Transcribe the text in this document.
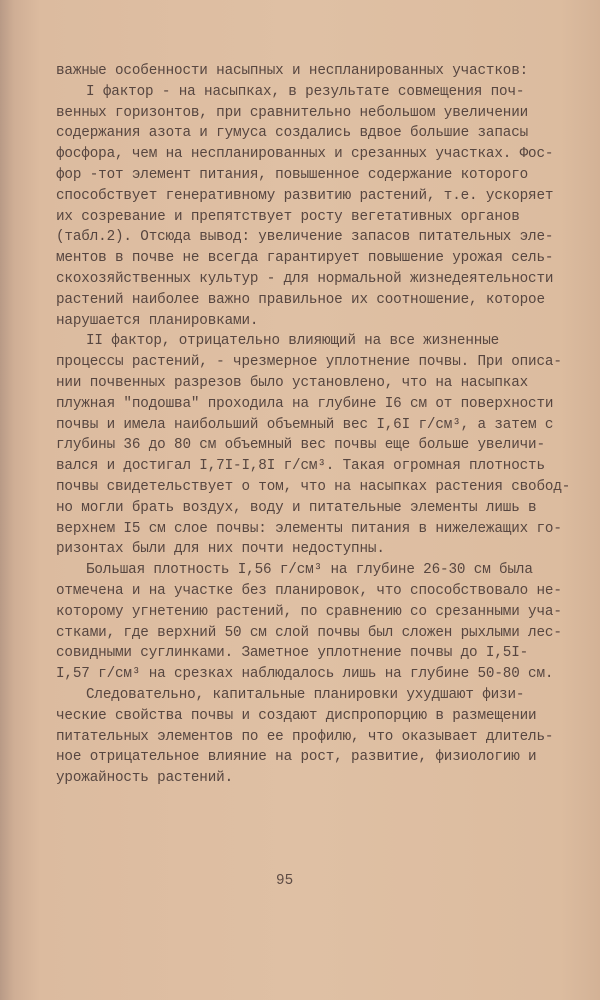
важные особенности насыпных и неспланированных участков:
I фактор - на насыпках, в результате совмещения поч-
венных горизонтов, при сравнительно небольшом увеличении
содержания азота и гумуса создались вдвое большие запасы
фосфора, чем на неспланированных и срезанных участках. Фос-
фор -тот элемент питания, повышенное содержание которого
способствует генеративному развитию растений, т.е. ускоряет
их созревание и препятствует росту вегетативных органов
(табл.2). Отсюда вывод: увеличение запасов питательных эле-
ментов в почве не всегда гарантирует повышение урожая сель-
скохозяйственных культур - для нормальной жизнедеятельности
растений наиболее важно правильное их соотношение, которое
нарушается планировками.
II фактор, отрицательно влияющий на все жизненные
процессы растений, - чрезмерное уплотнение почвы. При описа-
нии почвенных разрезов было установлено, что на насыпках
плужная "подошва" проходила на глубине I6 см от поверхности
почвы и имела наибольший объемный вес I,6I г/см³, а затем с
глубины 36 до 80 см объемный вес почвы еще больше увеличи-
вался и достигал I,7I-I,8I г/см³. Такая огромная плотность
почвы свидетельствует о том, что на насыпках растения свобод-
но могли брать воздух, воду и питательные элементы лишь в
верхнем I5 см слое почвы: элементы питания в нижележащих го-
ризонтах были для них почти недоступны.
Большая плотность I,56 г/см³ на глубине 26-30 см была
отмечена и на участке без планировок, что способствовало не-
которому угнетению растений, по сравнению со срезанными уча-
стками, где верхний 50 см слой почвы был сложен рыхлыми лес-
совидными суглинками. Заметное уплотнение почвы до I,5I-
I,57 г/см³ на срезках наблюдалось лишь на глубине 50-80 см.
Следовательно, капитальные планировки ухудшают физи-
ческие свойства почвы и создают диспропорцию в размещении
питательных элементов по ее профилю, что оказывает длитель-
ное отрицательное влияние на рост, развитие, физиологию и
урожайность растений.
95
